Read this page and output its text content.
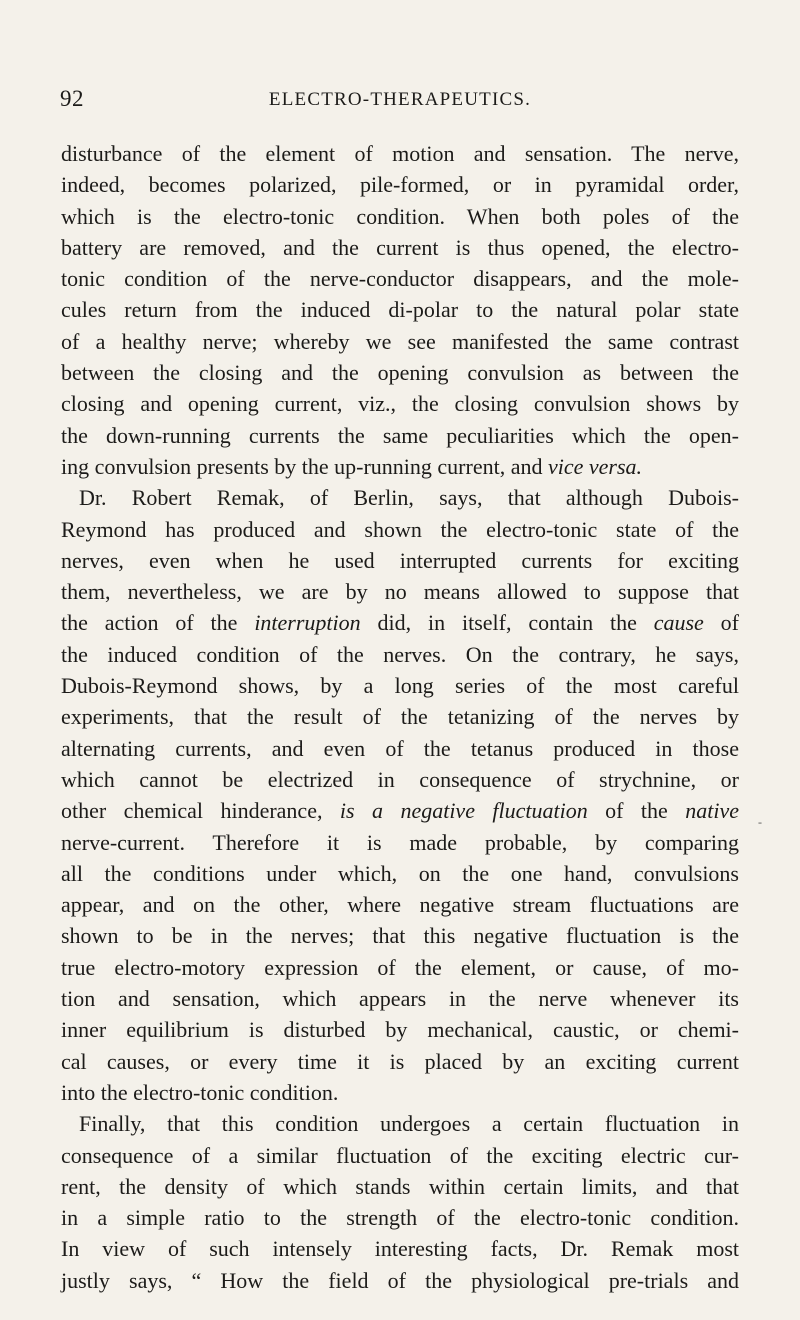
92	ELECTRO-THERAPEUTICS.
disturbance of the element of motion and sensation. The nerve,
indeed, becomes polarized, pile-formed, or in pyramidal order,
which is the electro-tonic condition. When both poles of the
battery are removed, and the current is thus opened, the electro-
tonic condition of the nerve-conductor disappears, and the mole-
cules return from the induced di-polar to the natural polar state
of a healthy nerve; whereby we see manifested the same contrast
between the closing and the opening convulsion as between the
closing and opening current, viz., the closing convulsion shows by
the down-running currents the same peculiarities which the open-
ing convulsion presents by the up-running current, and vice versa.
Dr. Robert Remak, of Berlin, says, that although Dubois-
Reymond has produced and shown the electro-tonic state of the
nerves, even when he used interrupted currents for exciting
them, nevertheless, we are by no means allowed to suppose that
the action of the interruption did, in itself, contain the cause of
the induced condition of the nerves. On the contrary, he says,
Dubois-Reymond shows, by a long series of the most careful
experiments, that the result of the tetanizing of the nerves by
alternating currents, and even of the tetanus produced in those
which cannot be electrized in consequence of strychnine, or
other chemical hinderance, is a negative fluctuation of the native
nerve-current. Therefore it is made probable, by comparing
all the conditions under which, on the one hand, convulsions
appear, and on the other, where negative stream fluctuations are
shown to be in the nerves; that this negative fluctuation is the
true electro-motory expression of the element, or cause, of mo-
tion and sensation, which appears in the nerve whenever its
inner equilibrium is disturbed by mechanical, caustic, or chemi-
cal causes, or every time it is placed by an exciting current
into the electro-tonic condition.
Finally, that this condition undergoes a certain fluctuation in
consequence of a similar fluctuation of the exciting electric cur-
rent, the density of which stands within certain limits, and that
in a simple ratio to the strength of the electro-tonic condition.
In view of such intensely interesting facts, Dr. Remak most
justly says, “ How the field of the physiological pre-trials and
-
